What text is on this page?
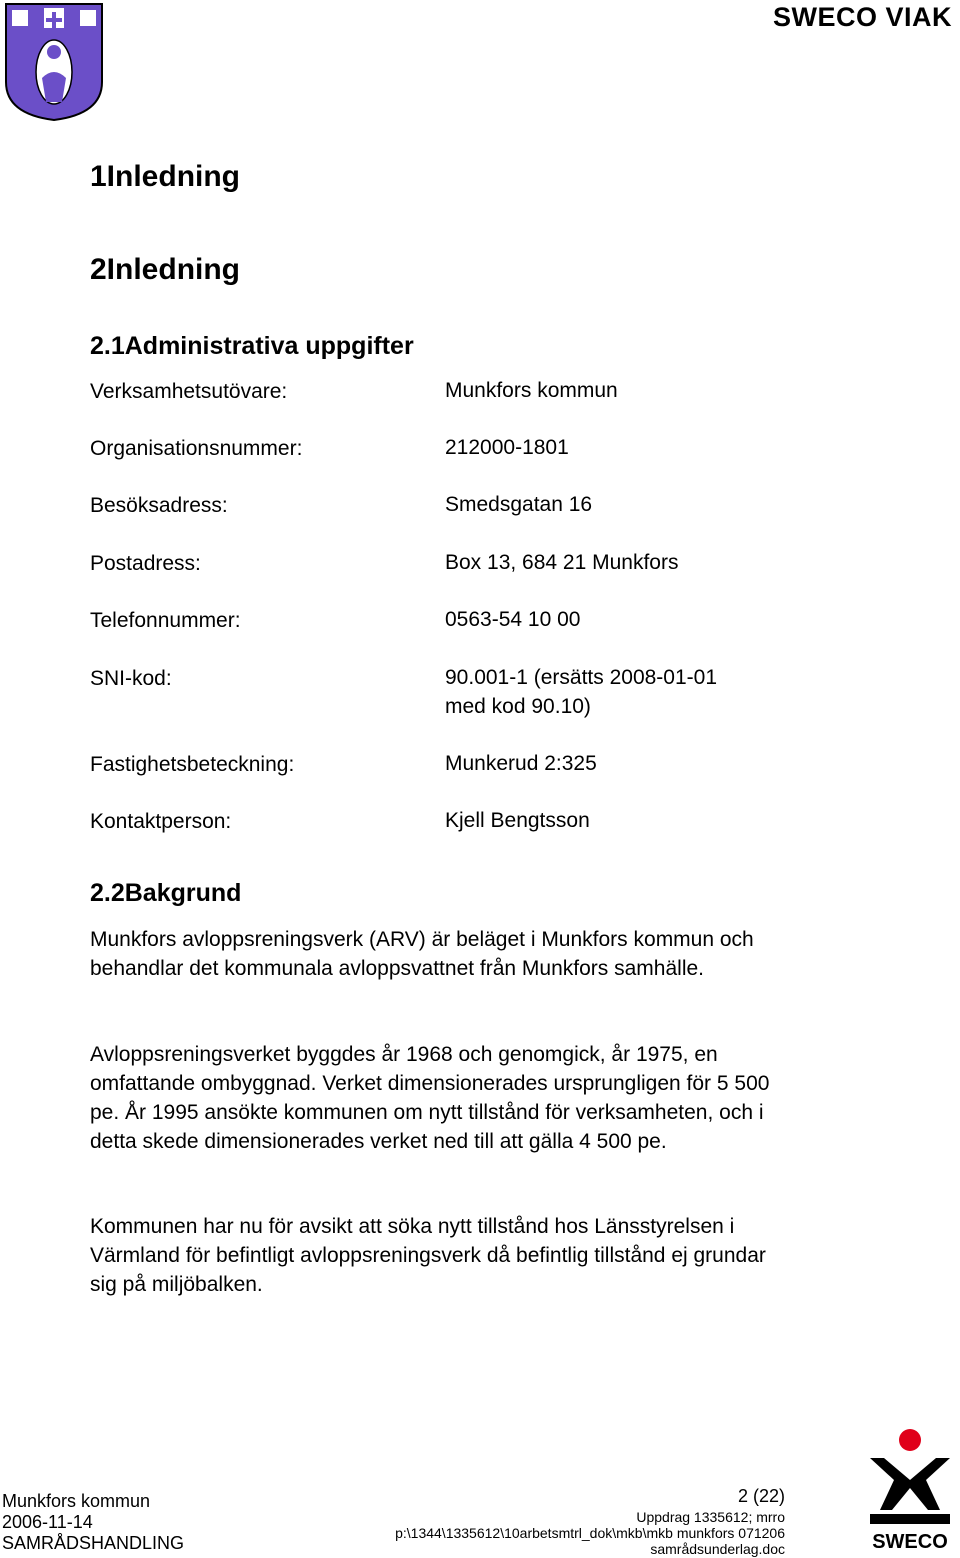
SWECO VIAK
1Inledning
2Inledning
2.1Administrativa uppgifter
Verksamhetsutövare:	Munkfors kommun
Organisationsnummer:	212000-1801
Besöksadress:	Smedsgatan 16
Postadress:	Box 13, 684 21 Munkfors
Telefonnummer:	0563-54 10 00
SNI-kod:	90.001-1 (ersätts 2008-01-01 med kod 90.10)
Fastighetsbeteckning:	Munkerud 2:325
Kontaktperson:	Kjell Bengtsson
2.2Bakgrund

Munkfors avloppsreningsverk (ARV) är beläget i Munkfors kommun och behandlar det kommunala avloppsvattnet från Munkfors samhälle.

Avloppsreningsverket byggdes år 1968 och genomgick, år 1975, en omfattande ombyggnad. Verket dimensionerades ursprungligen för 5 500 pe. År 1995 ansökte kommunen om nytt tillstånd för verksamheten, och i detta skede dimensionerades verket ned till att gälla 4 500 pe.

Kommunen har nu för avsikt att söka nytt tillstånd hos Länsstyrelsen i Värmland för befintligt avloppsreningsverk då befintlig tillstånd ej grundar sig på miljöbalken.

Munkfors kommun
2006-11-14
SAMRÅDSHANDLING
2 (22)
Uppdrag 1335612; mrro
p:\1344\1335612\10arbetsmtrl_dok\mkb\mkb munkfors 071206
samrådsunderlag.doc	SWECO
